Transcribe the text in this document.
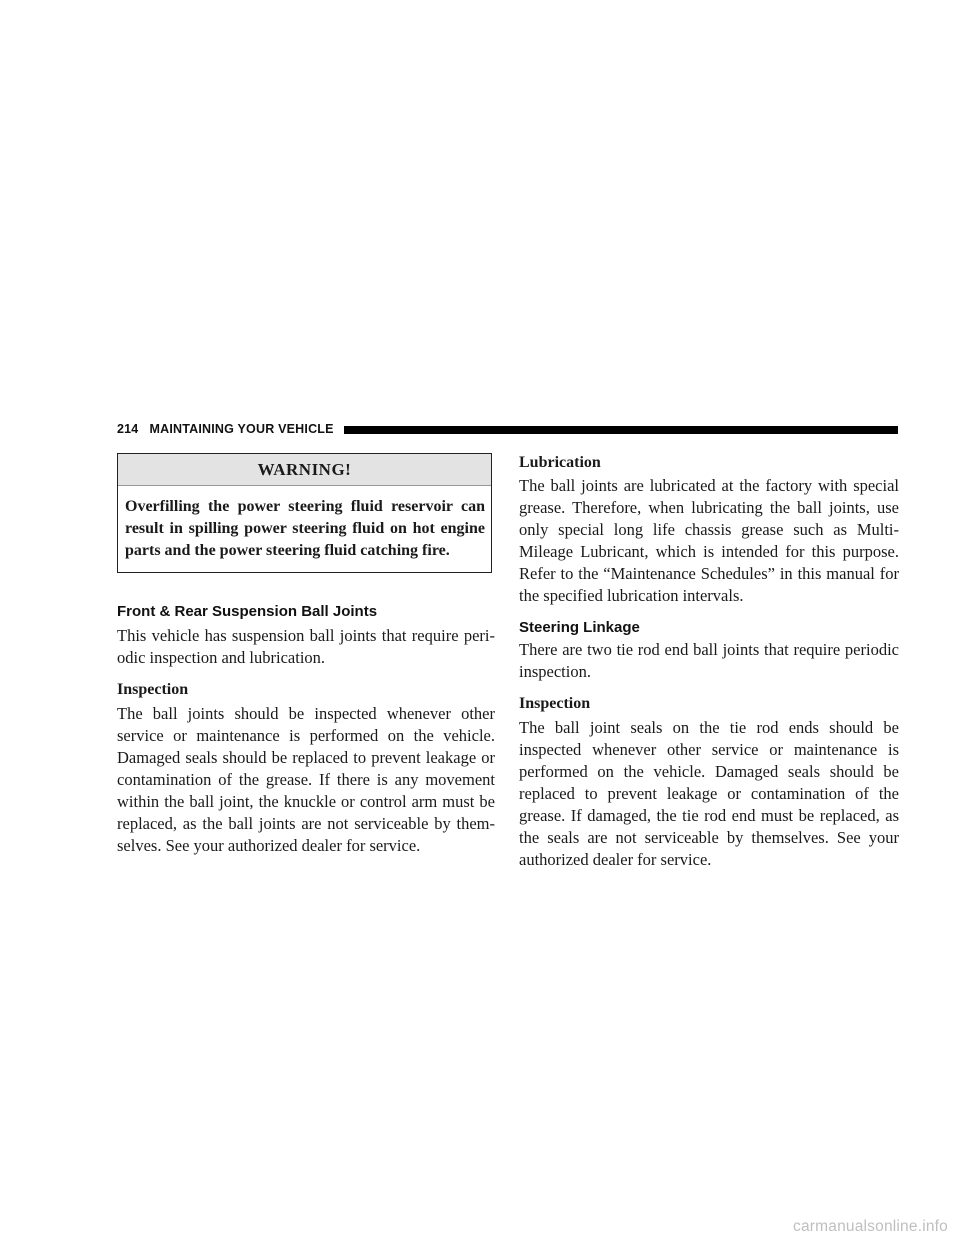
214   MAINTAINING YOUR VEHICLE
WARNING!
Overfilling the power steering fluid reservoir can result in spilling power steering fluid on hot engine parts and the power steering fluid catching fire.
Front & Rear Suspension Ball Joints

This vehicle has suspension ball joints that require peri-odic inspection and lubrication.

Inspection

The ball joints should be inspected whenever other service or maintenance is performed on the vehicle. Damaged seals should be replaced to prevent leakage or contamination of the grease. If there is any movement within the ball joint, the knuckle or control arm must be replaced, as the ball joints are not serviceable by them-selves. See your authorized dealer for service.

Lubrication

The ball joints are lubricated at the factory with special grease. Therefore, when lubricating the ball joints, use only special long life chassis grease such as Multi-Mileage Lubricant, which is intended for this purpose. Refer to the “Maintenance Schedules” in this manual for the specified lubrication intervals.

Steering Linkage

There are two tie rod end ball joints that require periodic inspection.

Inspection

The ball joint seals on the tie rod ends should be inspected whenever other service or maintenance is performed on the vehicle. Damaged seals should be replaced to prevent leakage or contamination of the grease. If damaged, the tie rod end must be replaced, as the seals are not serviceable by themselves. See your authorized dealer for service.

carmanualsonline.info
